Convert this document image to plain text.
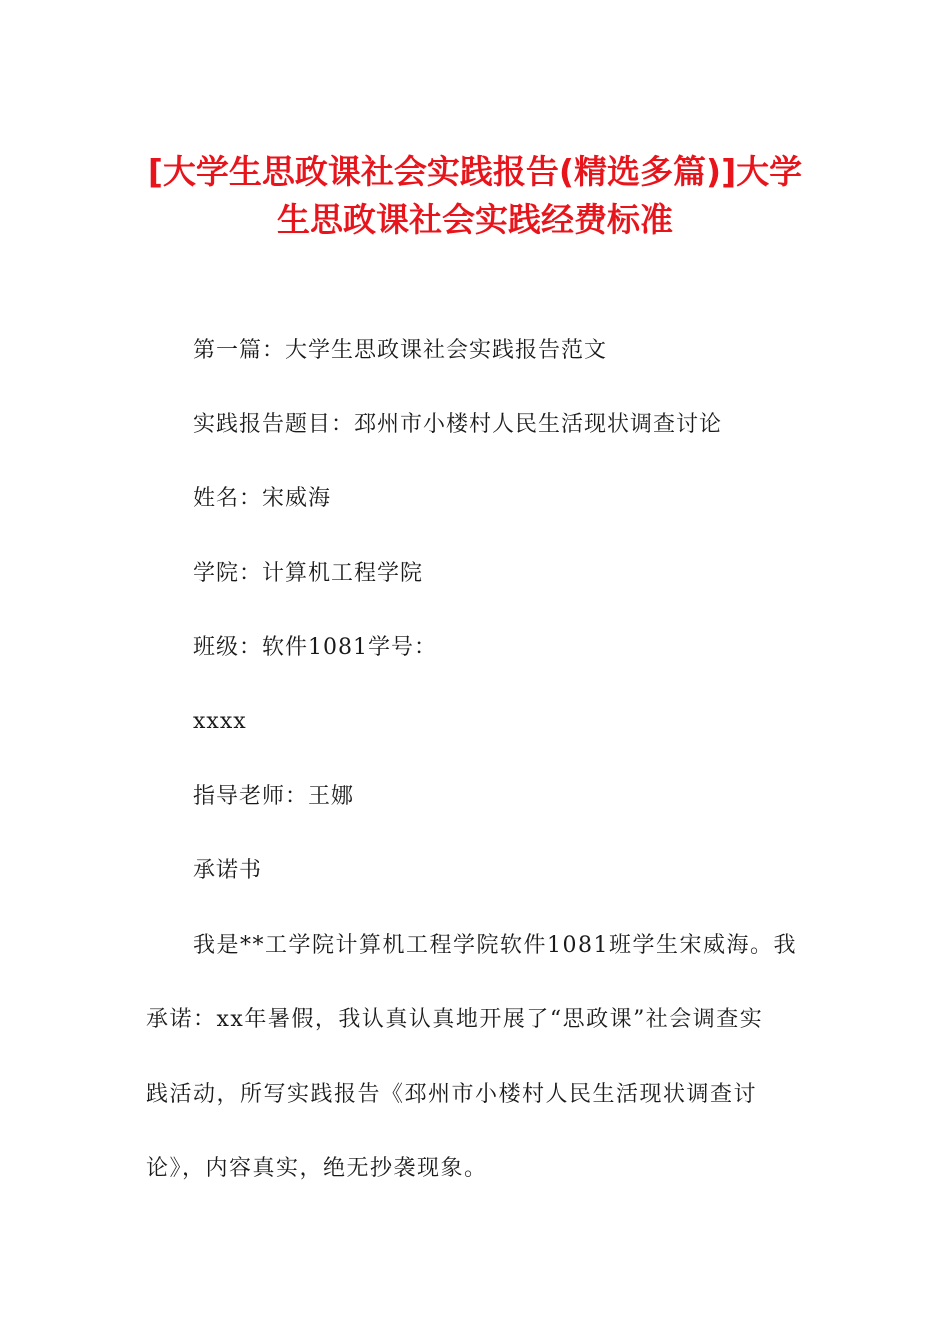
[大学生思政课社会实践报告(精选多篇)]大学
生思政课社会实践经费标准

第一篇：大学生思政课社会实践报告范文

实践报告题目：邳州市小楼村人民生活现状调查讨论

姓名：宋威海

学院：计算机工程学院

班级：软件1081学号：

xxxx

指导老师：王娜

承诺书

我是**工学院计算机工程学院软件1081班学生宋威海。我

承诺：xx年暑假，我认真认真地开展了“思政课”社会调查实

践活动，所写实践报告《邳州市小楼村人民生活现状调查讨

论》，内容真实，绝无抄袭现象。
